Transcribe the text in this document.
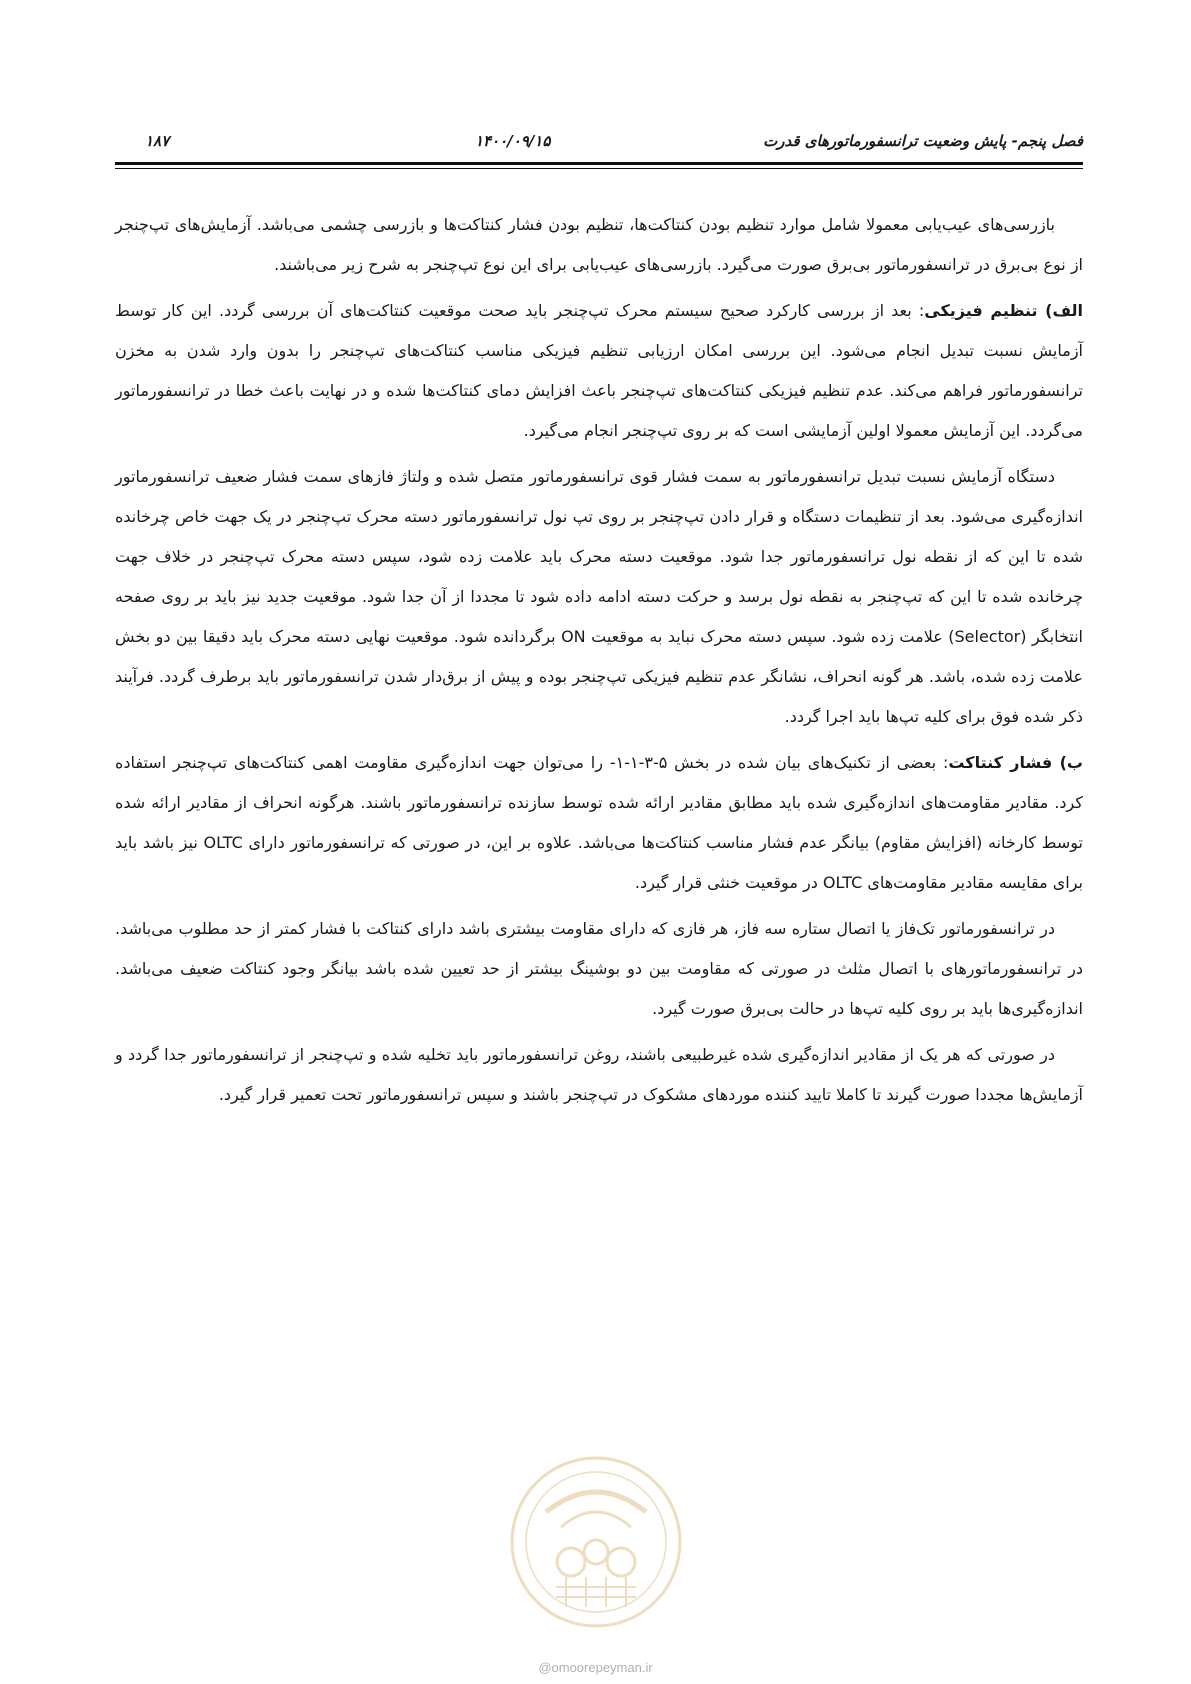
فصل پنجم- پایش وضعیت ترانسفورماتورهای قدرت
۱۴۰۰/۰۹/۱۵
۱۸۷

بازرسی‌های عیب‌یابی معمولا شامل موارد تنظیم بودن کنتاکت‌ها، تنظیم بودن فشار کنتاکت‌ها و بازرسی چشمی می‌باشد. آزمایش‌های تپ‌چنجر از نوع بی‌برق در ترانسفورماتور بی‌برق صورت می‌گیرد. بازرسی‌های عیب‌یابی برای این نوع تپ‌چنجر به شرح زیر می‌باشند.

الف) تنظیم فیزیکی: بعد از بررسی کارکرد صحیح سیستم محرک تپ‌چنجر باید صحت موقعیت کنتاکت‌های آن بررسی گردد. این کار توسط آزمایش نسبت تبدیل انجام می‌شود. این بررسی امکان ارزیابی تنظیم فیزیکی مناسب کنتاکت‌های تپ‌چنجر را بدون وارد شدن به مخزن ترانسفورماتور فراهم می‌کند. عدم تنظیم فیزیکی کنتاکت‌های تپ‌چنجر باعث افزایش دمای کنتاکت‌ها شده و در نهایت باعث خطا در ترانسفورماتور می‌گردد. این آزمایش معمولا اولین آزمایشی است که بر روی تپ‌چنجر انجام می‌گیرد.

دستگاه آزمایش نسبت تبدیل ترانسفورماتور به سمت فشار قوی ترانسفورماتور متصل شده و ولتاژ فازهای سمت فشار ضعیف ترانسفورماتور اندازه‌گیری می‌شود. بعد از تنظیمات دستگاه و قرار دادن تپ‌چنجر بر روی تپ نول ترانسفورماتور دسته محرک تپ‌چنجر در یک جهت خاص چرخانده شده تا این که از نقطه نول ترانسفورماتور جدا شود. موقعیت دسته محرک باید علامت زده شود، سپس دسته محرک تپ‌چنجر در خلاف جهت چرخانده شده تا این که تپ‌چنجر به نقطه نول برسد و حرکت دسته ادامه داده شود تا مجددا از آن جدا شود. موقعیت جدید نیز باید بر روی صفحه انتخابگر (Selector) علامت زده شود. سپس دسته محرک نباید به موقعیت ON برگردانده شود. موقعیت نهایی دسته محرک باید دقیقا بین دو بخش علامت زده شده، باشد. هر گونه انحراف، نشانگر عدم تنظیم فیزیکی تپ‌چنجر بوده و پیش از برق‌دار شدن ترانسفورماتور باید برطرف گردد. فرآیند ذکر شده فوق برای کلیه تپ‌ها باید اجرا گردد.

ب) فشار کنتاکت: بعضی از تکنیک‌های بیان شده در بخش ۵-۳-۱-۱- را می‌توان جهت اندازه‌گیری مقاومت اهمی کنتاکت‌های تپ‌چنجر استفاده کرد. مقادیر مقاومت‌های اندازه‌گیری شده باید مطابق مقادیر ارائه شده توسط سازنده ترانسفورماتور باشند. هرگونه انحراف از مقادیر ارائه شده توسط کارخانه (افزایش مقاوم) بیانگر عدم فشار مناسب کنتاکت‌ها می‌باشد. علاوه بر این، در صورتی که ترانسفورماتور دارای OLTC نیز باشد باید برای مقایسه مقادیر مقاومت‌های OLTC در موقعیت خنثی قرار گیرد.

در ترانسفورماتور تک‌فاز یا اتصال ستاره سه فاز، هر فازی که دارای مقاومت بیشتری باشد دارای کنتاکت با فشار کمتر از حد مطلوب می‌باشد. در ترانسفورماتورهای با اتصال مثلث در صورتی که مقاومت بین دو بوشینگ بیشتر از حد تعیین شده باشد بیانگر وجود کنتاکت ضعیف می‌باشد. اندازه‌گیری‌ها باید بر روی کلیه تپ‌ها در حالت بی‌برق صورت گیرد.

در صورتی که هر یک از مقادیر اندازه‌گیری شده غیرطبیعی باشند، روغن ترانسفورماتور باید تخلیه شده و تپ‌چنجر از ترانسفورماتور جدا گردد و آزمایش‌ها مجددا صورت گیرند تا کاملا تایید کننده موردهای مشکوک در تپ‌چنجر باشند و سپس ترانسفورماتور تحت تعمیر قرار گیرد.

@omoorepeyman.ir
